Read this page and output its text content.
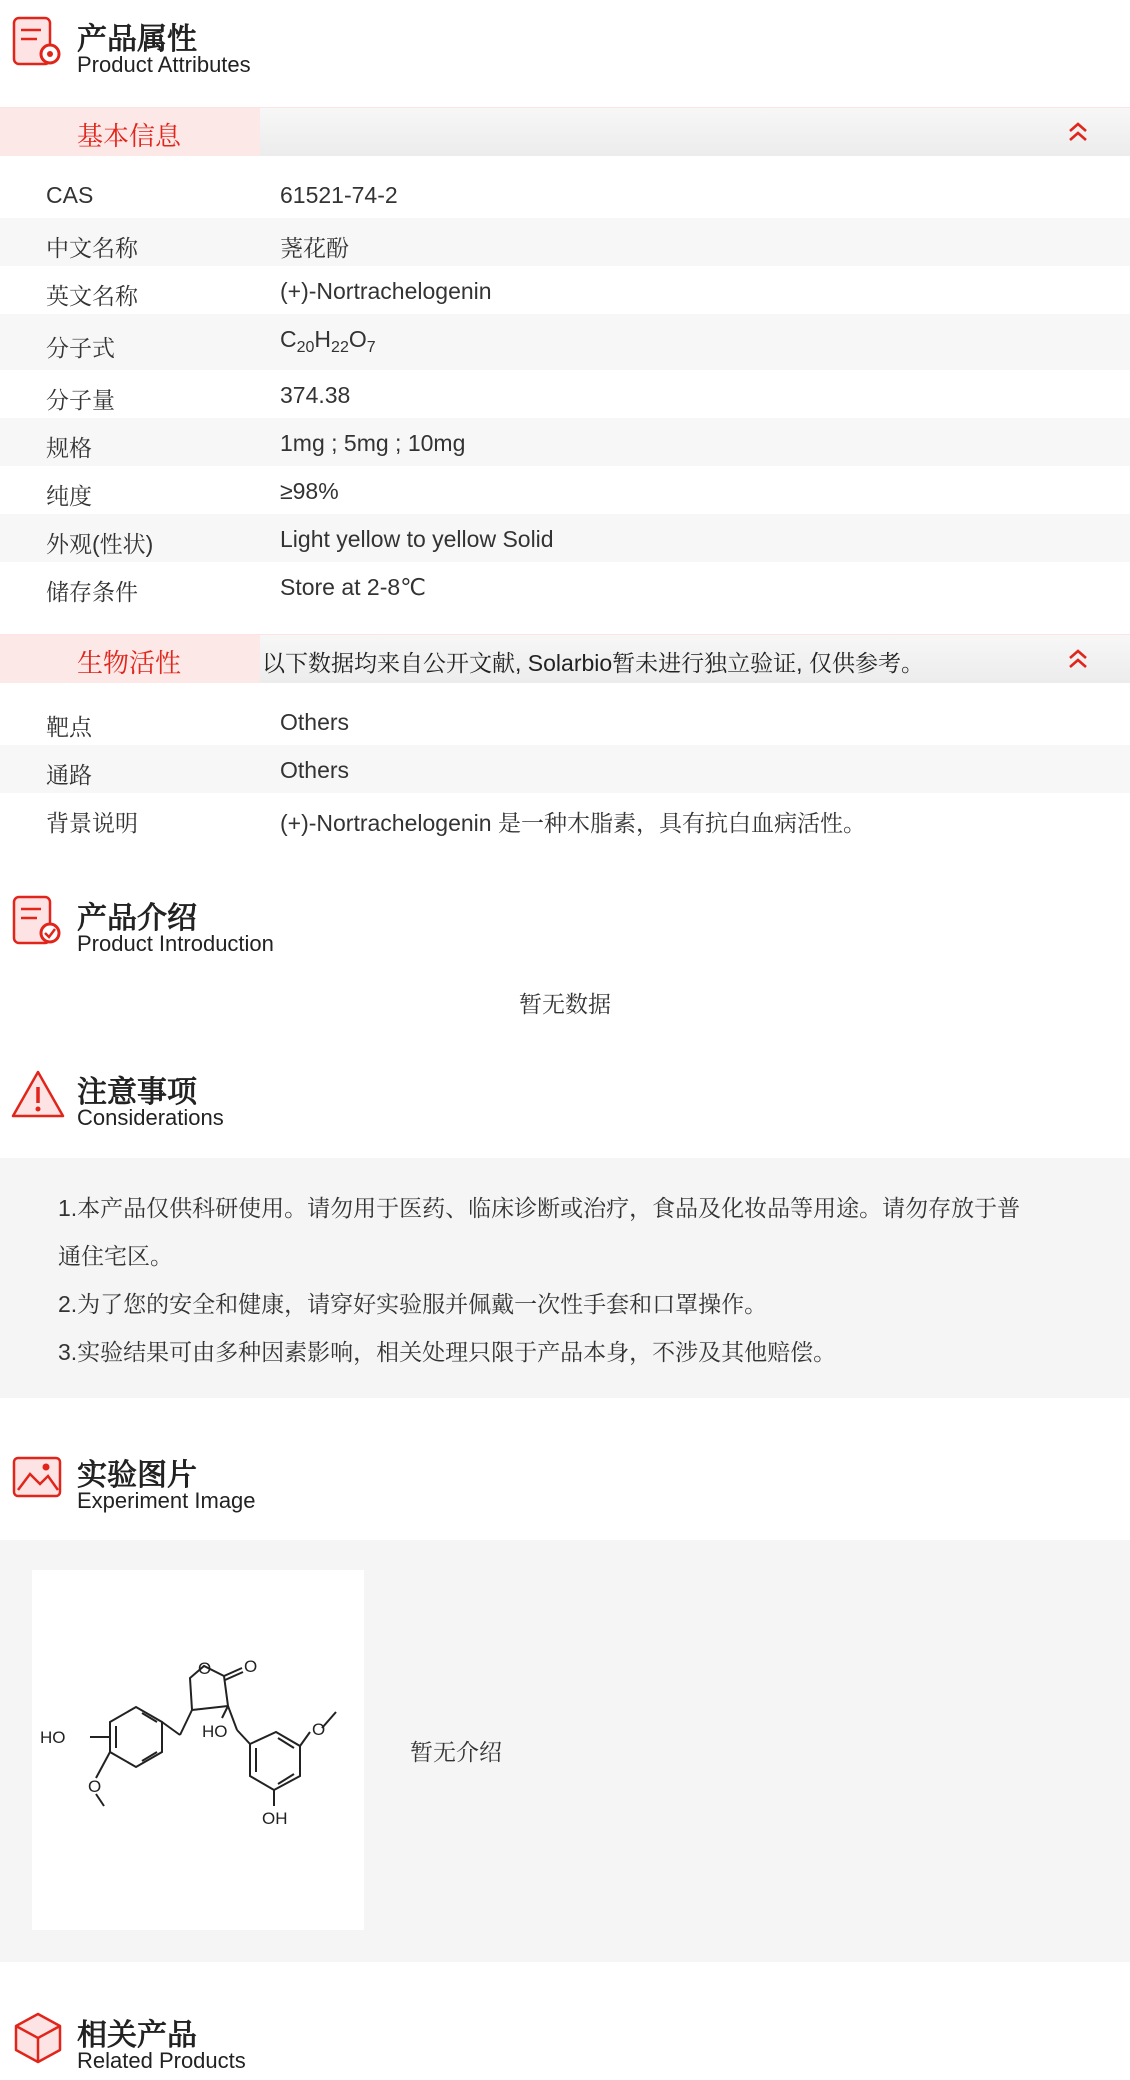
产品属性
Product Attributes
基本信息
CAS	61521-74-2
中文名称	荛花酚
英文名称	(+)-Nortrachelogenin
分子式	$C_{20}H_{22}O_7$
分子量	374.38
规格	1mg ; 5mg ; 10mg
纯度	≥98%
外观(性状)	Light yellow to yellow Solid
储存条件	Store at 2-8℃
生物活性	以下数据均来自公开文献, Solarbio暂未进行独立验证, 仅供参考。
靶点	Others
通路	Others
背景说明	(+)-Nortrachelogenin 是一种木脂素，具有抗白血病活性。
产品介绍
Product Introduction
暂无数据
注意事项
Considerations

1.本产品仅供科研使用。请勿用于医药、临床诊断或治疗，食品及化妆品等用途。请勿存放于普

通住宅区。

2.为了您的安全和健康，请穿好实验服并佩戴一次性手套和口罩操作。

3.实验结果可由多种因素影响，相关处理只限于产品本身，不涉及其他赔偿。

实验图片
Experiment Image
HO
O
O O
HO	O
OH
暂无介绍
相关产品
Related Products
